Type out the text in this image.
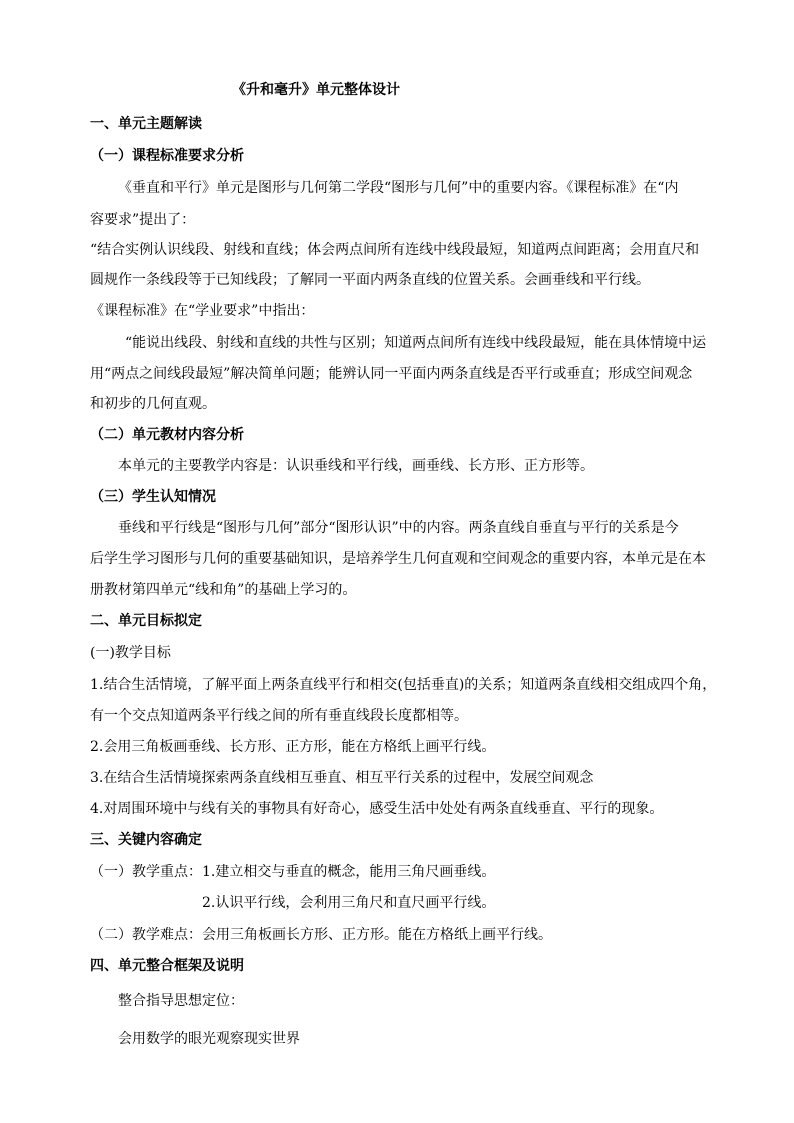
《升和毫升》单元整体设计
一、单元主题解读
（一）课程标准要求分析
《垂直和平行》单元是图形与几何第二学段“图形与几何”中的重要内容。《课程标准》在“内
容要求”提出了：
“结合实例认识线段、射线和直线；体会两点间所有连线中线段最短，知道两点间距离；会用直尺和
圆规作一条线段等于已知线段；了解同一平面内两条直线的位置关系。会画垂线和平行线。
《课程标准》在“学业要求”中指出：
“能说出线段、射线和直线的共性与区别；知道两点间所有连线中线段最短，能在具体情境中运
用“两点之间线段最短”解决简单问题；能辨认同一平面内两条直线是否平行或垂直；形成空间观念
和初步的几何直观。
（二）单元教材内容分析
本单元的主要教学内容是：认识垂线和平行线，画垂线、长方形、正方形等。
（三）学生认知情况
垂线和平行线是“图形与几何”部分“图形认识”中的内容。两条直线自垂直与平行的关系是今
后学生学习图形与几何的重要基础知识，是培养学生几何直观和空间观念的重要内容，本单元是在本
册教材第四单元“线和角”的基础上学习的。
二、单元目标拟定
(一)教学目标
1.结合生活情境，了解平面上两条直线平行和相交(包括垂直)的关系；知道两条直线相交组成四个角，
有一个交点知道两条平行线之间的所有垂直线段长度都相等。
2.会用三角板画垂线、长方形、正方形，能在方格纸上画平行线。
3.在结合生活情境探索两条直线相互垂直、相互平行关系的过程中，发展空间观念
4.对周围环境中与线有关的事物具有好奇心，感受生活中处处有两条直线垂直、平行的现象。
三、关键内容确定
（一）教学重点：1.建立相交与垂直的概念，能用三角尺画垂线。
2.认识平行线，会利用三角尺和直尺画平行线。
（二）教学难点：会用三角板画长方形、正方形。能在方格纸上画平行线。
四、单元整合框架及说明
整合指导思想定位：
会用数学的眼光观察现实世界
